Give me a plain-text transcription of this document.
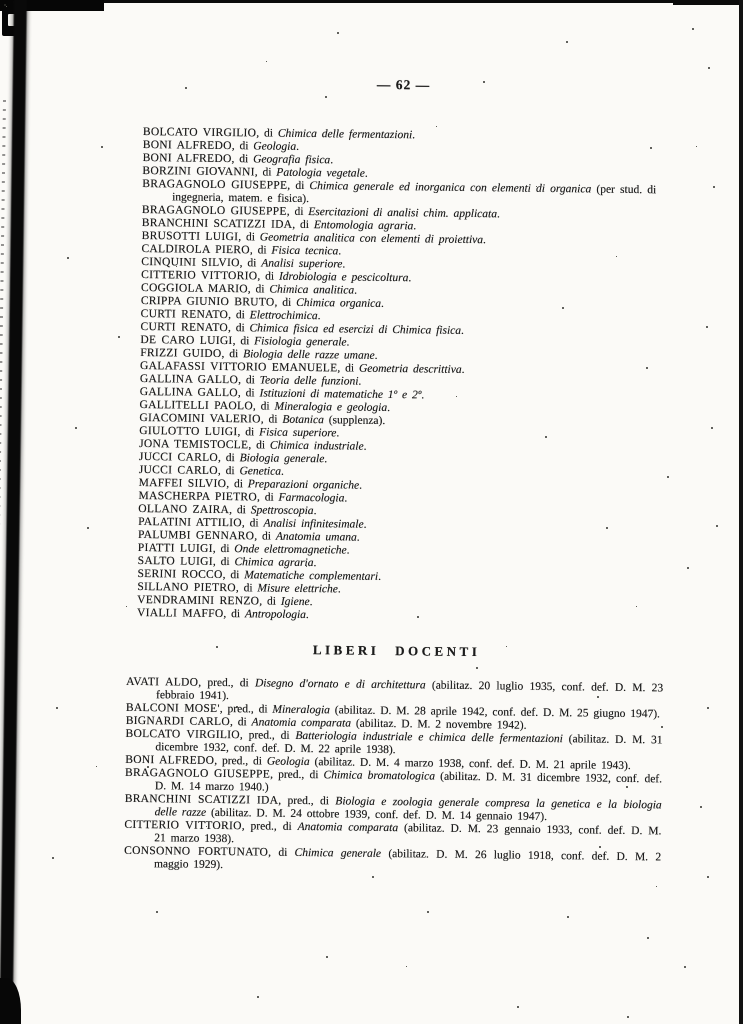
— 62 —

BOLCATO VIRGILIO, di Chimica delle fermentazioni.

BONI ALFREDO, di Geologia.

BONI ALFREDO, di Geografia fisica.

BORZINI GIOVANNI, di Patologia vegetale.

BRAGAGNOLO GIUSEPPE, di Chimica generale ed inorganica con elementi di organica (per stud. di ingegneria, matem. e fisica).

BRAGAGNOLO GIUSEPPE, di Esercitazioni di analisi chim. applicata.

BRANCHINI SCATIZZI IDA, di Entomologia agraria.

BRUSOTTI LUIGI, di Geometria analitica con elementi di proiettiva.

CALDIROLA PIERO, di Fisica tecnica.

CINQUINI SILVIO, di Analisi superiore.

CITTERIO VITTORIO, di Idrobiologia e pescicoltura.

COGGIOLA MARIO, di Chimica analitica.

CRIPPA GIUNIO BRUTO, di Chimica organica.

CURTI RENATO, di Elettrochimica.

CURTI RENATO, di Chimica fisica ed esercizi di Chimica fisica.

DE CARO LUIGI, di Fisiologia generale.

FRIZZI GUIDO, di Biologia delle razze umane.

GALAFASSI VITTORIO EMANUELE, di Geometria descrittiva.

GALLINA GALLO, di Teoria delle funzioni.

GALLINA GALLO, di Istituzioni di matematiche 1º e 2º.

GALLITELLI PAOLO, di Mineralogia e geologia.

GIACOMINI VALERIO, di Botanica (supplenza).

GIULOTTO LUIGI, di Fisica superiore.

JONA TEMISTOCLE, di Chimica industriale.

JUCCI CARLO, di Biologia generale.

JUCCI CARLO, di Genetica.

MAFFEI SILVIO, di Preparazioni organiche.

MASCHERPA PIETRO, di Farmacologia.

OLLANO ZAIRA, di Spettroscopia.

PALATINI ATTILIO, di Analisi infinitesimale.

PALUMBI GENNARO, di Anatomia umana.

PIATTI LUIGI, di Onde elettromagnetiche.

SALTO LUIGI, di Chimica agraria.

SERINI ROCCO, di Matematiche complementari.

SILLANO PIETRO, di Misure elettriche.

VENDRAMINI RENZO, di Igiene.

VIALLI MAFFO, di Antropologia.

LIBERI DOCENTI

AVATI ALDO, pred., di Disegno d'ornato e di architettura (abilitaz. 20 luglio 1935, conf. def. D. M. 23 febbraio 1941).

BALCONI MOSE', pred., di Mineralogia (abilitaz. D. M. 28 aprile 1942, conf. def. D. M. 25 giugno 1947).

BIGNARDI CARLO, di Anatomia comparata (abilitaz. D. M. 2 novembre 1942).

BOLCATO VIRGILIO, pred., di Batteriologia industriale e chimica delle fermentazioni (abilitaz. D. M. 31 dicembre 1932, conf. def. D. M. 22 aprile 1938).

BONI ALFREDO, pred., di Geologia (abilitaz. D. M. 4 marzo 1938, conf. def. D. M. 21 aprile 1943).

BRAGAGNOLO GIUSEPPE, pred., di Chimica bromatologica (abilitaz. D. M. 31 dicembre 1932, conf. def. D. M. 14 marzo 1940.)

BRANCHINI SCATIZZI IDA, pred., di Biologia e zoologia generale compresa la genetica e la biologia delle razze (abilitaz. D. M. 24 ottobre 1939, conf. def. D. M. 14 gennaio 1947).

CITTERIO VITTORIO, pred., di Anatomia comparata (abilitaz. D. M. 23 gennaio 1933, conf. def. D. M. 21 marzo 1938).

CONSONNO FORTUNATO, di Chimica generale (abilitaz. D. M. 26 luglio 1918, conf. def. D. M. 2 maggio 1929).
